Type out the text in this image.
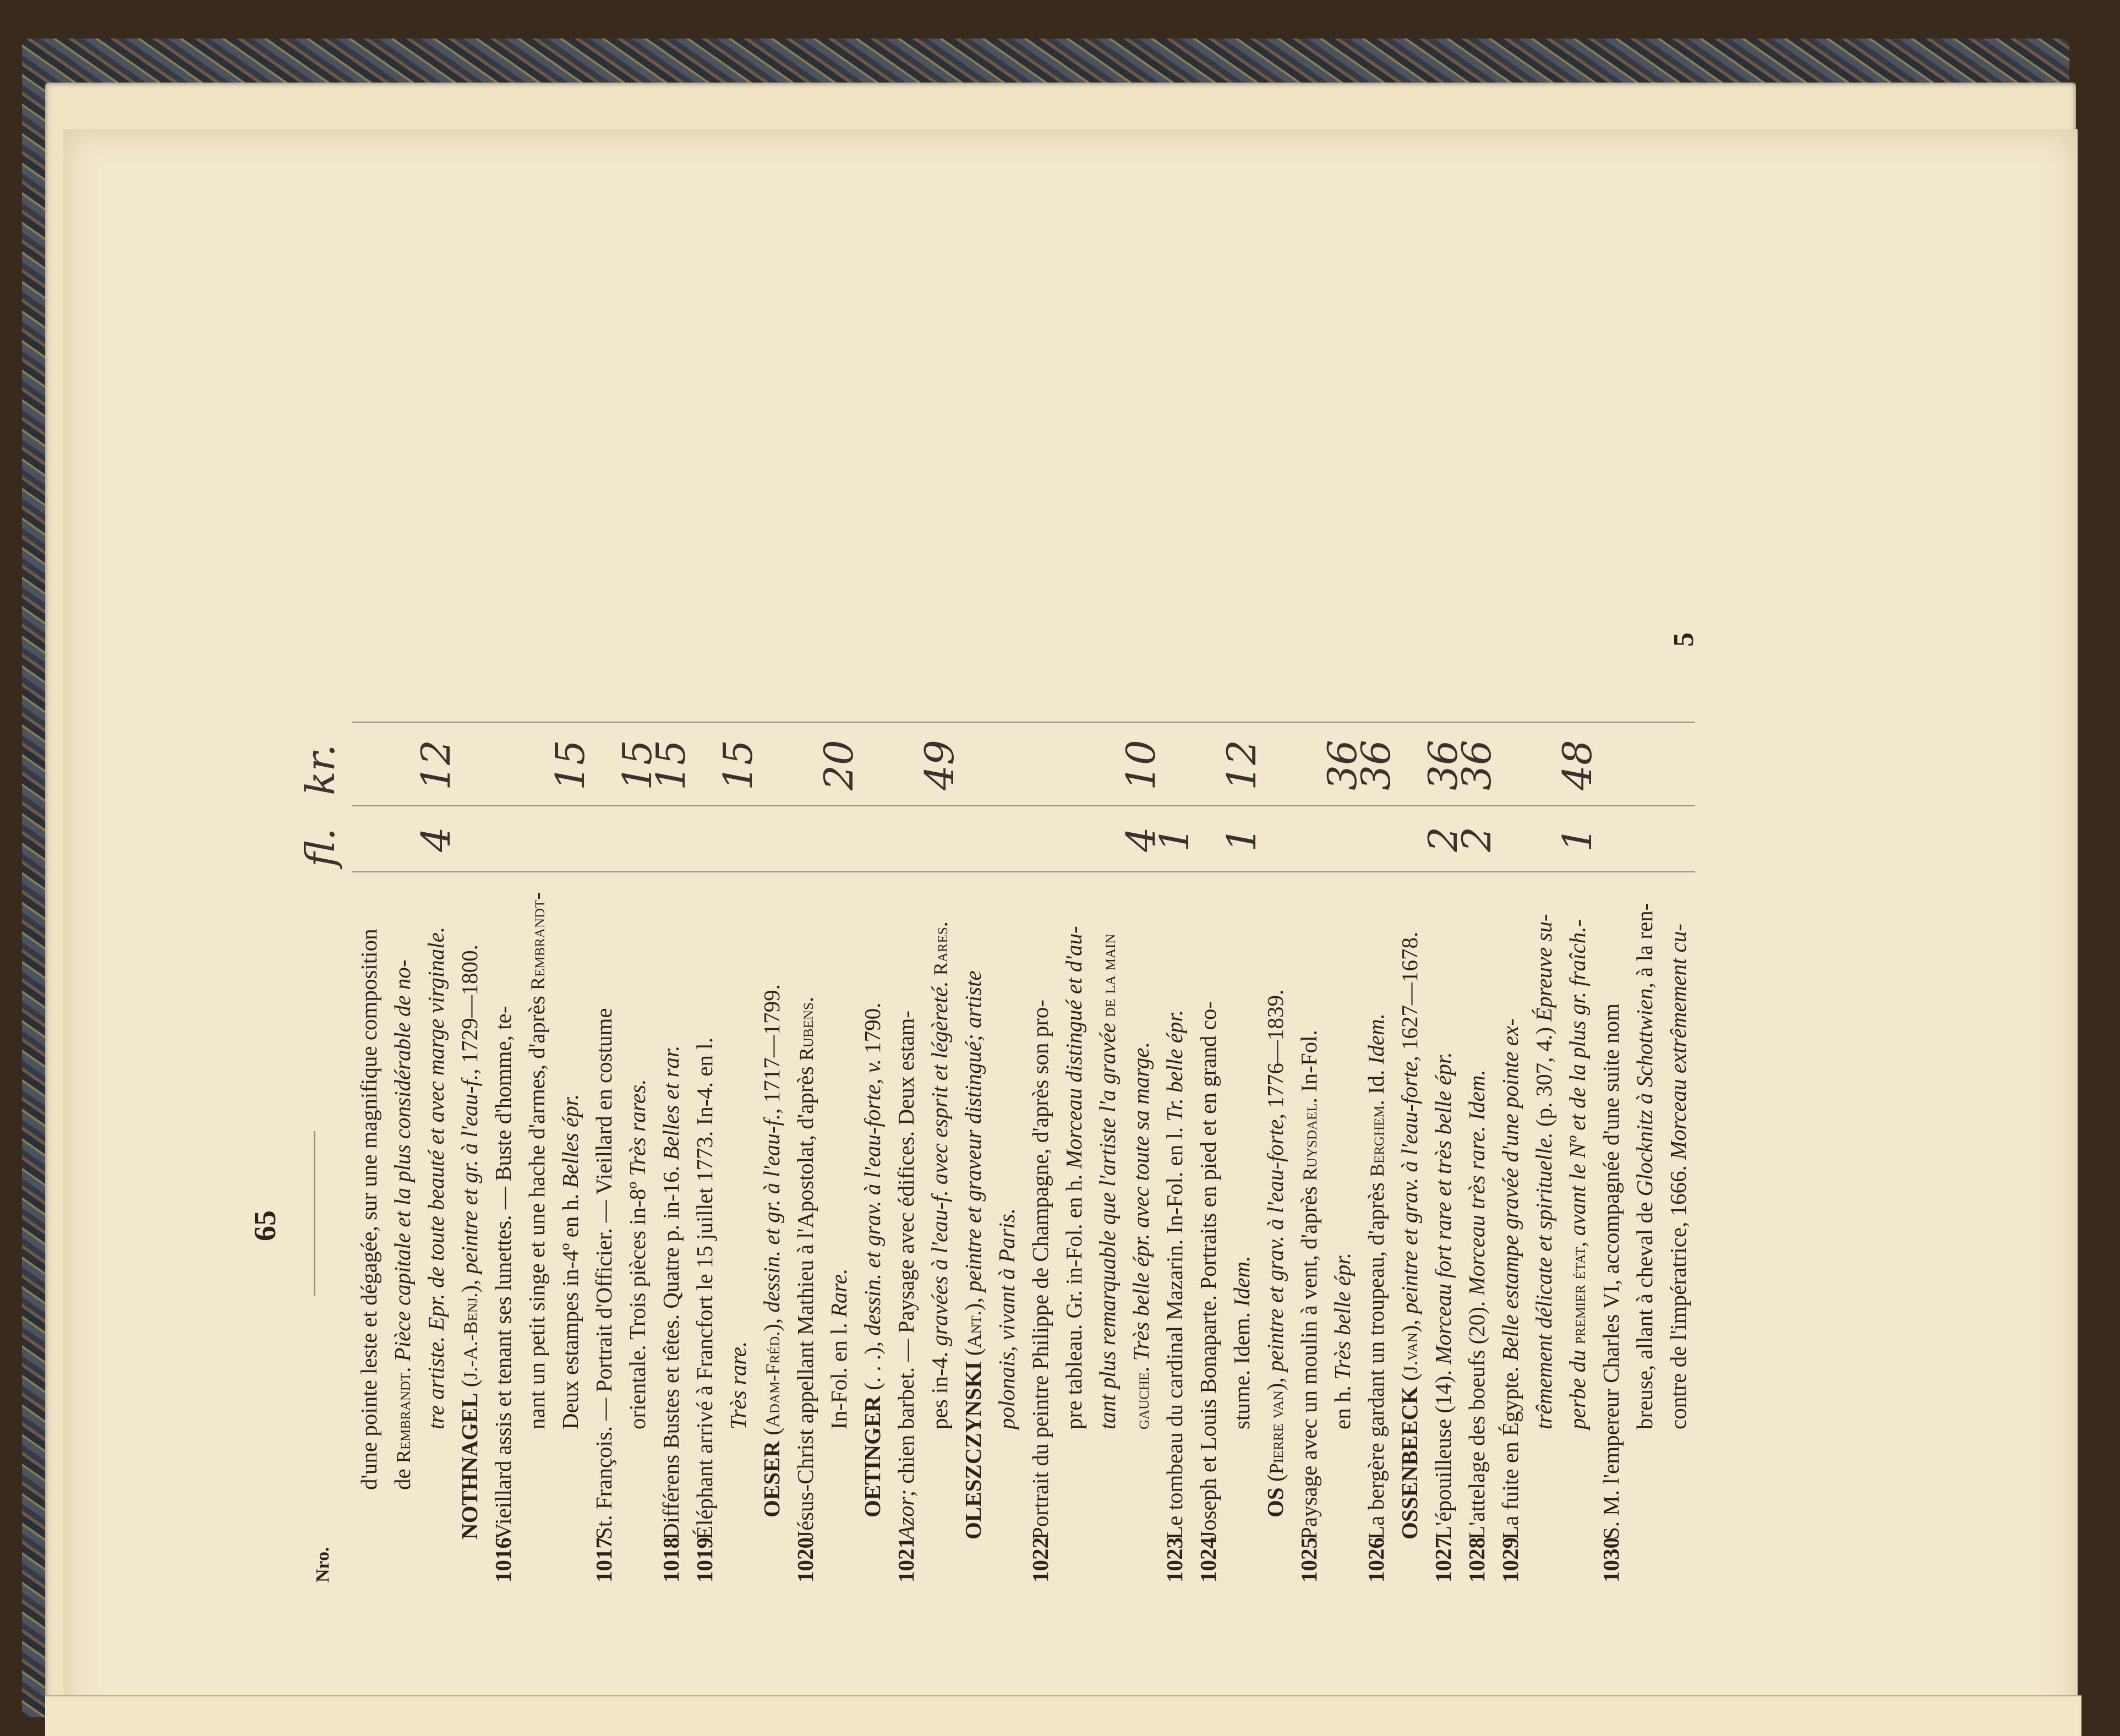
65
Nro.
fl.
kr.
d'une pointe leste et dégagée, sur une magnifique composition de Rembrandt. Pièce capitale et la plus considérable de no- tre artiste. Epr. de toute beauté et avec marge virginale.
NOTHNAGEL (J.-A.-Benj.), peintre et gr. à l'eau-f., 1729—1800.
1016Vieillard assis et tenant ses lunettes. — Buste d'homme, te- nant un petit singe et une hache d'armes, d'après Rembrandt-
Deux estampes in-4º en h. Belles épr.
1017St. François. — Portrait d'Officier. — Vieillard en costume orientale. Trois pièces in-8º Très rares.
1018Différens Bustes et têtes. Quatre p. in-16. Belles et rar.
1019Éléphant arrivé à Francfort le 15 juillet 1773. In-4. en l. Très rare.
OESER (Adam-Fréd.), dessin. et gr. à l'eau-f., 1717—1799.
1020Jésus-Christ appellant Mathieu à l'Apostolat, d'après Rubens.
In-Fol. en l. Rare.
OETINGER (. . .), dessin. et grav. à l'eau-forte, v. 1790.
1021Azor; chien barbet. — Paysage avec édifices. Deux estam- pes in-4. gravées à l'eau-f. avec esprit et légèreté. Rares.
OLESZCZYNSKI (Ant.), peintre et graveur distingué; artiste
polonais, vivant à Paris.
1022Portrait du peintre Philippe de Champagne, d'après son pro- pre tableau. Gr. in-Fol. en h. Morceau distingué et d'au- tant plus remarquable que l'artiste l'a gravée de la main
gauche. Très belle épr. avec toute sa marge.
1023Le tombeau du cardinal Mazarin. In-Fol. en l. Tr. belle épr.
1024Joseph et Louis Bonaparte. Portraits en pied et en grand co- stume. Idem. Idem.
OS (Pierre van), peintre et grav. à l'eau-forte, 1776—1839.
1025Paysage avec un moulin à vent, d'après Ruysdael. In-Fol.
en h. Très belle épr.
1026La bergère gardant un troupeau, d'après Berghem. Id. Idem.
OSSENBEECK (J.van), peintre et grav. à l'eau-forte, 1627—1678.
1027L'épouilleuse (14). Morceau fort rare et très belle épr.
1028L'attelage des boeufs (20). Morceau très rare. Idem.
1029La fuite en Égypte. Belle estampe gravée d'une pointe ex- trêmement délicate et spirituelle. (p. 307, 4.) Épreuve su-
perbe du premier état, avant le Nº et de la plus gr. fraîch.-
1030S. M. l'empereur Charles VI, accompagnée d'une suite nom breuse, allant à cheval de Glocknitz à Schottwien, à la ren-
contre de l'impératrice, 1666. Morceau extrêmement cu-
4
12 15 15
15 15 20 49
4
10
1 1
12 36
36
2
36
2
36
1
48
5
